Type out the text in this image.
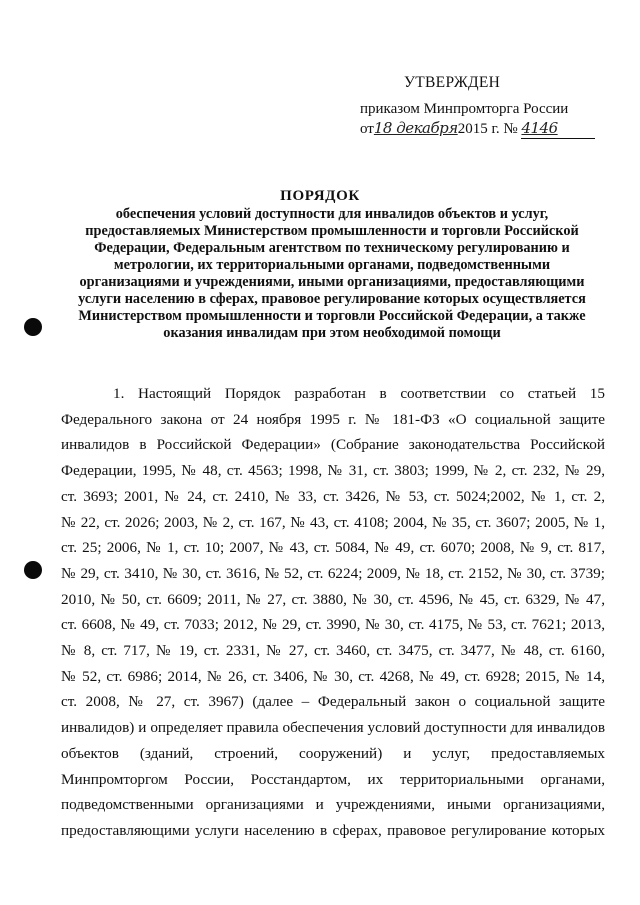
УТВЕРЖДЕН
приказом Минпромторга России
от18 декабря2015 г. № 4146
ПОРЯДОК
обеспечения условий доступности для инвалидов объектов и услуг,
предоставляемых Министерством промышленности и торговли Российской
Федерации, Федеральным агентством по техническому регулированию и
метрологии, их территориальными органами, подведомственными
организациями и учреждениями, иными организациями, предоставляющими
услуги населению в сферах, правовое регулирование которых осуществляется
Министерством промышленности и торговли Российской Федерации, а также
оказания инвалидам при этом необходимой помощи
1. Настоящий Порядок разработан в соответствии со статьей 15
Федерального закона от 24 ноября 1995 г. № 181-ФЗ «О социальной защите
инвалидов в Российской Федерации» (Собрание законодательства Российской
Федерации, 1995, № 48, ст. 4563; 1998, № 31, ст. 3803; 1999, № 2, ст. 232, № 29,
ст. 3693; 2001, № 24, ст. 2410, № 33, ст. 3426, № 53, ст. 5024;2002, № 1, ст. 2,
№ 22, ст. 2026; 2003, № 2, ст. 167, № 43, ст. 4108; 2004, № 35, ст. 3607; 2005, № 1,
ст. 25; 2006, № 1, ст. 10; 2007, № 43, ст. 5084, № 49, ст. 6070; 2008, № 9, ст. 817,
№ 29, ст. 3410, № 30, ст. 3616, № 52, ст. 6224; 2009, № 18, ст. 2152, № 30, ст. 3739;
2010, № 50, ст. 6609; 2011, № 27, ст. 3880, № 30, ст. 4596, № 45, ст. 6329, № 47,
ст. 6608, № 49, ст. 7033; 2012, № 29, ст. 3990, № 30, ст. 4175, № 53, ст. 7621; 2013,
№ 8, ст. 717, № 19, ст. 2331, № 27, ст. 3460, ст. 3475, ст. 3477, № 48, ст. 6160,
№ 52, ст. 6986; 2014, № 26, ст. 3406, № 30, ст. 4268, № 49, ст. 6928; 2015, № 14,
ст. 2008, № 27, ст. 3967) (далее – Федеральный закон о социальной защите
инвалидов) и определяет правила обеспечения условий доступности для инвалидов
объектов (зданий, строений, сооружений) и услуг, предоставляемых
Минпромторгом России, Росстандартом, их территориальными органами,
подведомственными организациями и учреждениями, иными организациями,
предоставляющими услуги населению в сферах, правовое регулирование которых
